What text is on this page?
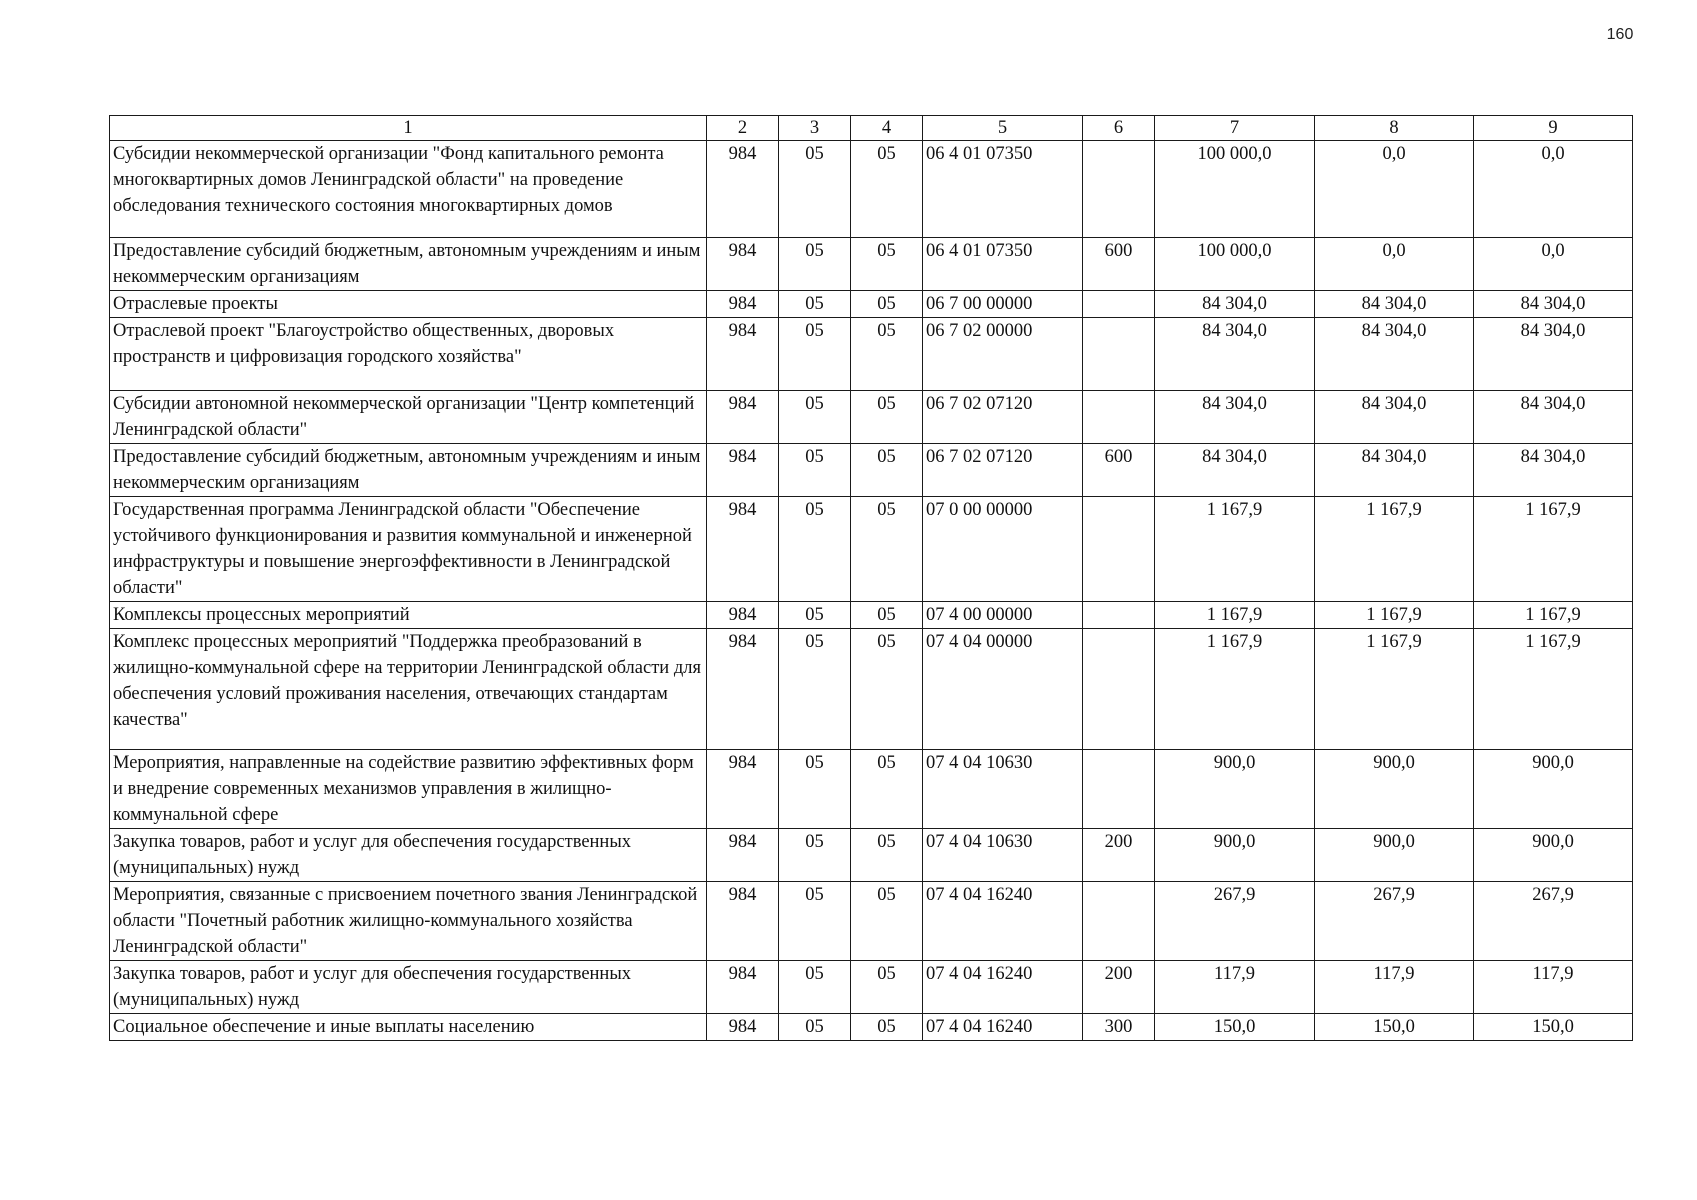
160
1	2	3	4	5	6	7	8	9
Субсидии некоммерческой организации "Фонд капитального ремонта многоквартирных домов Ленинградской области" на проведение обследования технического состояния многоквартирных домов	984	05	05	06 4 01 07350		100 000,0	0,0	0,0
Предоставление субсидий бюджетным, автономным учреждениям и иным некоммерческим организациям	984	05	05	06 4 01 07350	600	100 000,0	0,0	0,0
Отраслевые проекты	984	05	05	06 7 00 00000		84 304,0	84 304,0	84 304,0
Отраслевой проект "Благоустройство общественных, дворовых пространств и цифровизация городского хозяйства"	984	05	05	06 7 02 00000		84 304,0	84 304,0	84 304,0
Субсидии автономной некоммерческой организации "Центр компетенций Ленинградской области"	984	05	05	06 7 02 07120		84 304,0	84 304,0	84 304,0
Предоставление субсидий бюджетным, автономным учреждениям и иным некоммерческим организациям	984	05	05	06 7 02 07120	600	84 304,0	84 304,0	84 304,0
Государственная программа Ленинградской области "Обеспечение устойчивого функционирования и развития коммунальной и инженерной инфраструктуры и повышение энергоэффективности в Ленинградской области"	984	05	05	07 0 00 00000		1 167,9	1 167,9	1 167,9
Комплексы процессных мероприятий	984	05	05	07 4 00 00000		1 167,9	1 167,9	1 167,9
Комплекс процессных мероприятий "Поддержка преобразований в жилищно-коммунальной сфере на территории Ленинградской области для обеспечения условий проживания населения, отвечающих стандартам качества"	984	05	05	07 4 04 00000		1 167,9	1 167,9	1 167,9
Мероприятия, направленные на содействие развитию эффективных форм и внедрение современных механизмов управления в жилищно-коммунальной сфере	984	05	05	07 4 04 10630		900,0	900,0	900,0
Закупка товаров, работ и услуг для обеспечения государственных (муниципальных) нужд	984	05	05	07 4 04 10630	200	900,0	900,0	900,0
Мероприятия, связанные с присвоением почетного звания Ленинградской области "Почетный работник жилищно-коммунального хозяйства Ленинградской области"	984	05	05	07 4 04 16240		267,9	267,9	267,9
Закупка товаров, работ и услуг для обеспечения государственных (муниципальных) нужд	984	05	05	07 4 04 16240	200	117,9	117,9	117,9
Социальное обеспечение и иные выплаты населению	984	05	05	07 4 04 16240	300	150,0	150,0	150,0
